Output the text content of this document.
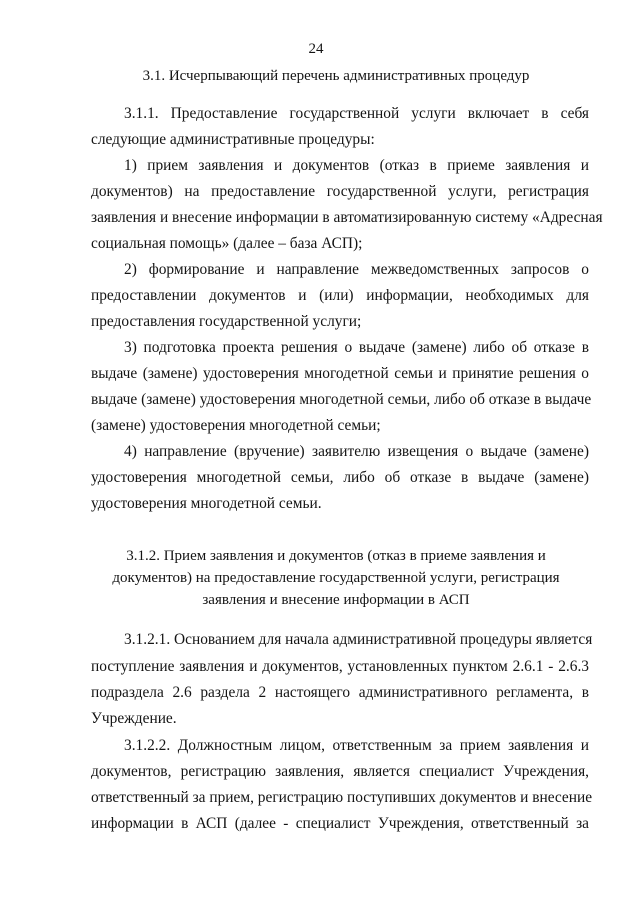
24
3.1. Исчерпывающий перечень административных процедур
3.1.1. Предоставление государственной услуги включает в себя
следующие административные процедуры:
1) прием заявления и документов (отказ в приеме заявления и
документов) на предоставление государственной услуги, регистрация
заявления и внесение информации в автоматизированную систему «Адресная
социальная помощь» (далее – база АСП);
2) формирование и направление межведомственных запросов о
предоставлении документов и (или) информации, необходимых для
предоставления государственной услуги;
3) подготовка проекта решения о выдаче (замене) либо об отказе в
выдаче (замене) удостоверения многодетной семьи и принятие решения о
выдаче (замене) удостоверения многодетной семьи, либо об отказе в выдаче
(замене) удостоверения многодетной семьи;
4) направление (вручение) заявителю извещения о выдаче (замене)
удостоверения многодетной семьи, либо об отказе в выдаче (замене)
удостоверения многодетной семьи.
3.1.2. Прием заявления и документов (отказ в приеме заявления и
документов) на предоставление государственной услуги, регистрация
заявления и внесение информации в АСП
3.1.2.1. Основанием для начала административной процедуры является
поступление заявления и документов, установленных пунктом 2.6.1 - 2.6.3
подраздела 2.6 раздела 2 настоящего административного регламента, в
Учреждение.
3.1.2.2. Должностным лицом, ответственным за прием заявления и
документов, регистрацию заявления, является специалист Учреждения,
ответственный за прием, регистрацию поступивших документов и внесение
информации в АСП (далее - специалист Учреждения, ответственный за
